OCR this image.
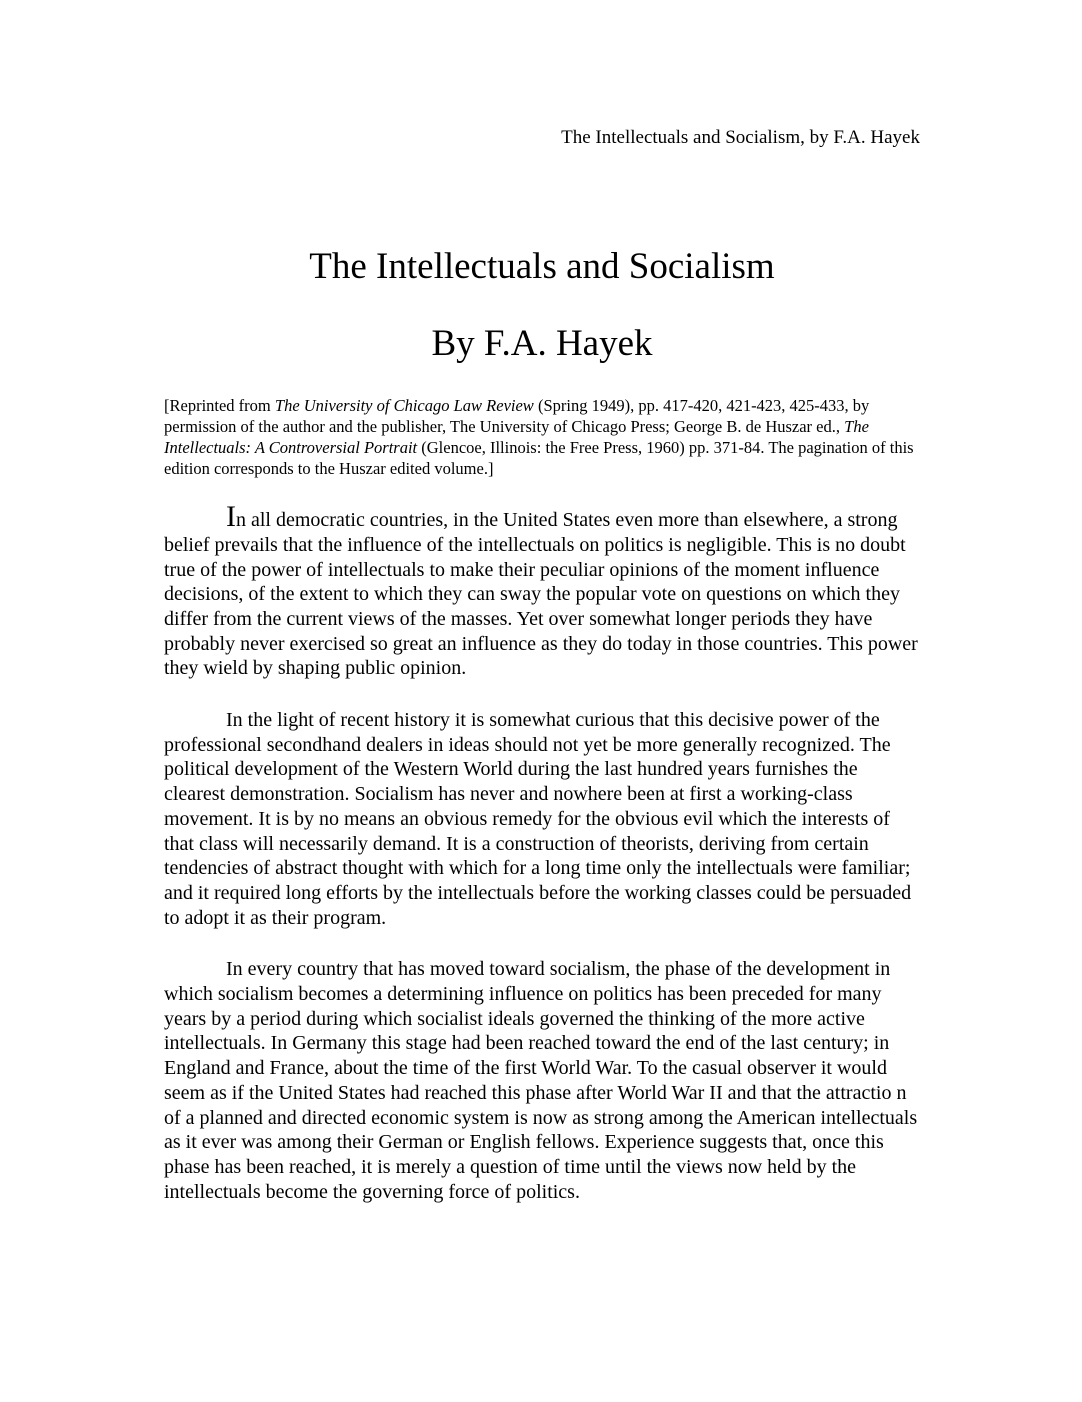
The Intellectuals and Socialism, by F.A. Hayek
The Intellectuals and Socialism
By F.A. Hayek

[Reprinted from The University of Chicago Law Review (Spring 1949), pp. 417-420, 421-423, 425-433, by permission of the author and the publisher, The University of Chicago Press; George B. de Huszar ed., The Intellectuals: A Controversial Portrait (Glencoe, Illinois: the Free Press, 1960) pp. 371-84. The pagination of this edition corresponds to the Huszar edited volume.]

In all democratic countries, in the United States even more than elsewhere, a strong belief prevails that the influence of the intellectuals on politics is negligible. This is no doubt true of the power of intellectuals to make their peculiar opinions of the moment influence decisions, of the extent to which they can sway the popular vote on questions on which they differ from the current views of the masses. Yet over somewhat longer periods they have probably never exercised so great an influence as they do today in those countries. This power they wield by shaping public opinion.

In the light of recent history it is somewhat curious that this decisive power of the professional secondhand dealers in ideas should not yet be more generally recognized. The political development of the Western World during the last hundred years furnishes the clearest demonstration. Socialism has never and nowhere been at first a working-class movement. It is by no means an obvious remedy for the obvious evil which the interests of that class will necessarily demand. It is a construction of theorists, deriving from certain tendencies of abstract thought with which for a long time only the intellectuals were familiar; and it required long efforts by the intellectuals before the working classes could be persuaded to adopt it as their program.

In every country that has moved toward socialism, the phase of the development in which socialism becomes a determining influence on politics has been preceded for many years by a period during which socialist ideals governed the thinking of the more active intellectuals. In Germany this stage had been reached toward the end of the last century; in England and France, about the time of the first World War. To the casual observer it would seem as if the United States had reached this phase after World War II and that the attractio n of a planned and directed economic system is now as strong among the American intellectuals as it ever was among their German or English fellows. Experience suggests that, once this phase has been reached, it is merely a question of time until the views now held by the intellectuals become the governing force of politics.
